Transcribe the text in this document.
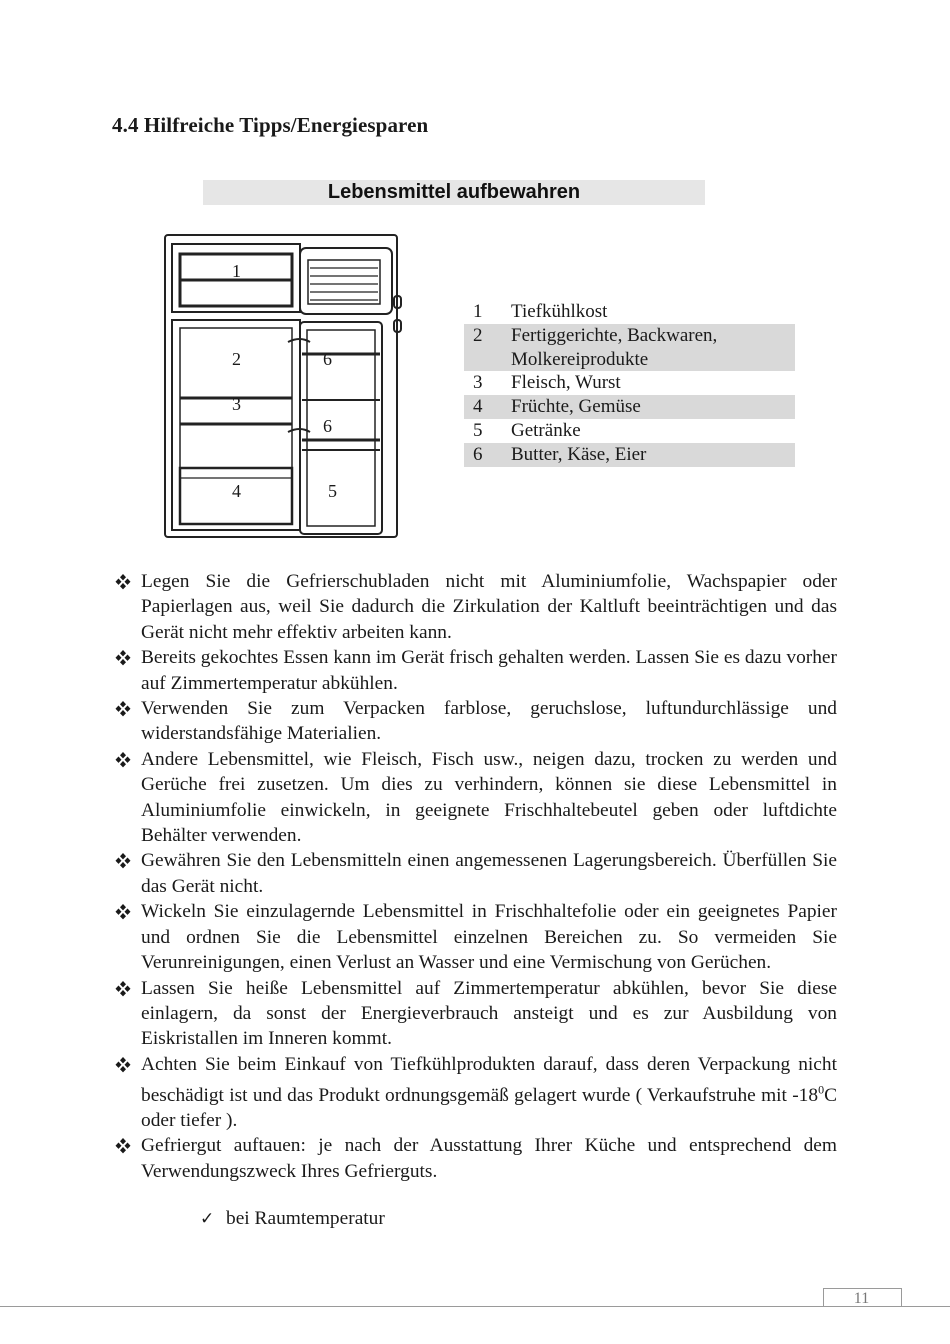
4.4 Hilfreiche Tipps/Energiesparen
Lebensmittel aufbewahren
1
2
3
4	5
6
6
1	Tiefkühlkost
2	Fertiggerichte, Backwaren,
Molkereiprodukte
3	Fleisch, Wurst
4	Früchte, Gemüse
5	Getränke
6	Butter, Käse, Eier
Legen Sie die Gefrierschubladen nicht mit Aluminiumfolie, Wachspapier oder Papierlagen aus, weil Sie dadurch die Zirkulation der Kaltluft beeinträchtigen und das Gerät nicht mehr effektiv arbeiten kann.
Bereits gekochtes Essen kann im Gerät frisch gehalten werden. Lassen Sie es dazu vorher auf Zimmertemperatur abkühlen.
Verwenden Sie zum Verpacken farblose, geruchslose, luftundurchlässige und widerstandsfähige Materialien.
Andere Lebensmittel, wie Fleisch, Fisch usw., neigen dazu, trocken zu werden und Gerüche frei zusetzen. Um dies zu verhindern, können sie diese Lebensmittel in Aluminiumfolie einwickeln, in geeignete Frischhaltebeutel geben oder luftdichte Behälter verwenden.
Gewähren Sie den Lebensmitteln einen angemessenen Lagerungsbereich. Überfüllen Sie das Gerät nicht.
Wickeln Sie einzulagernde Lebensmittel in Frischhaltefolie oder ein geeignetes Papier und ordnen Sie die Lebensmittel einzelnen Bereichen zu. So vermeiden Sie Verunreinigungen, einen Verlust an Wasser und eine Vermischung von Gerüchen.
Lassen Sie heiße Lebensmittel auf Zimmertemperatur abkühlen, bevor Sie diese einlagern, da sonst der Energieverbrauch ansteigt und es zur Ausbildung von Eiskristallen im Inneren kommt.
Achten Sie beim Einkauf von Tiefkühlprodukten darauf, dass deren Verpackung nicht beschädigt ist und das Produkt ordnungsgemäß gelagert wurde ( Verkaufstruhe mit $-18^0C$ oder tiefer ).
Gefriergut auftauen: je nach der Ausstattung Ihrer Küche und entsprechend dem Verwendungszweck Ihres Gefrierguts.
✓ bei Raumtemperatur
11
